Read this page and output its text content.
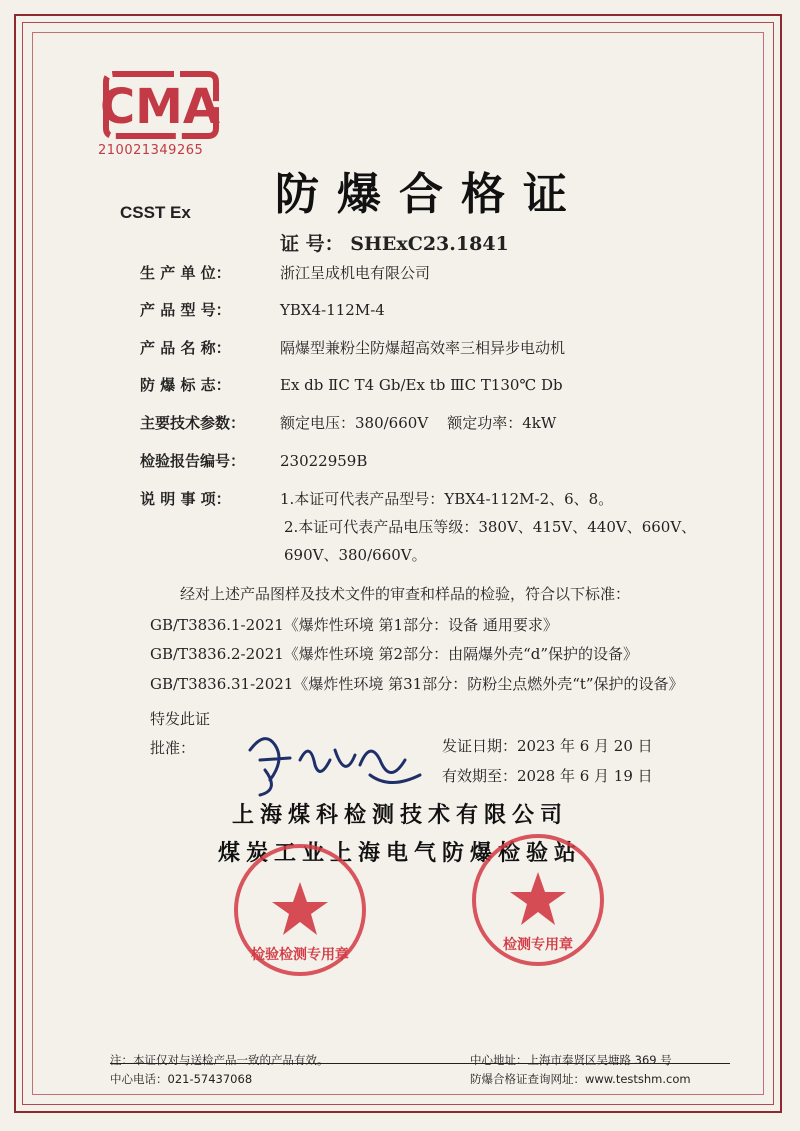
CMA
210021349265
CSST Ex	防爆合格证
证 号： SHExC23.1841
生 产 单 位：	浙江呈成机电有限公司
产 品 型 号：	YBX4-112M-4
产 品 名 称：	隔爆型兼粉尘防爆超高效率三相异步电动机
防 爆 标 志：	Ex db ⅡC T4 Gb/Ex tb ⅢC T130℃ Db
主要技术参数： 额定电压：380/660V    额定功率：4kW
检验报告编号： 23022959B
说 明 事 项：	1.本证可代表产品型号：YBX4-112M-2、6、8。
2.本证可代表产品电压等级：380V、415V、440V、660V、
690V、380/660V。
经对上述产品图样及技术文件的审查和样品的检验，符合以下标准：
GB/T3836.1-2021《爆炸性环境 第1部分：设备 通用要求》
GB/T3836.2-2021《爆炸性环境 第2部分：由隔爆外壳“d”保护的设备》
GB/T3836.31-2021《爆炸性环境 第31部分：防粉尘点燃外壳“t”保护的设备》
特发此证
批准：	发证日期：2023 年 6 月 20 日
有效期至：2028 年 6 月 19 日
上海煤科检测技术有限公司
煤炭工业上海电气防爆检验站
检验检测专用章
检测专用章
注：本证仅对与送检产品一致的产品有效。	中心地址：上海市奉贤区吴塘路 369 号
中心电话：021-57437068	防爆合格证查询网址：www.testshm.com
